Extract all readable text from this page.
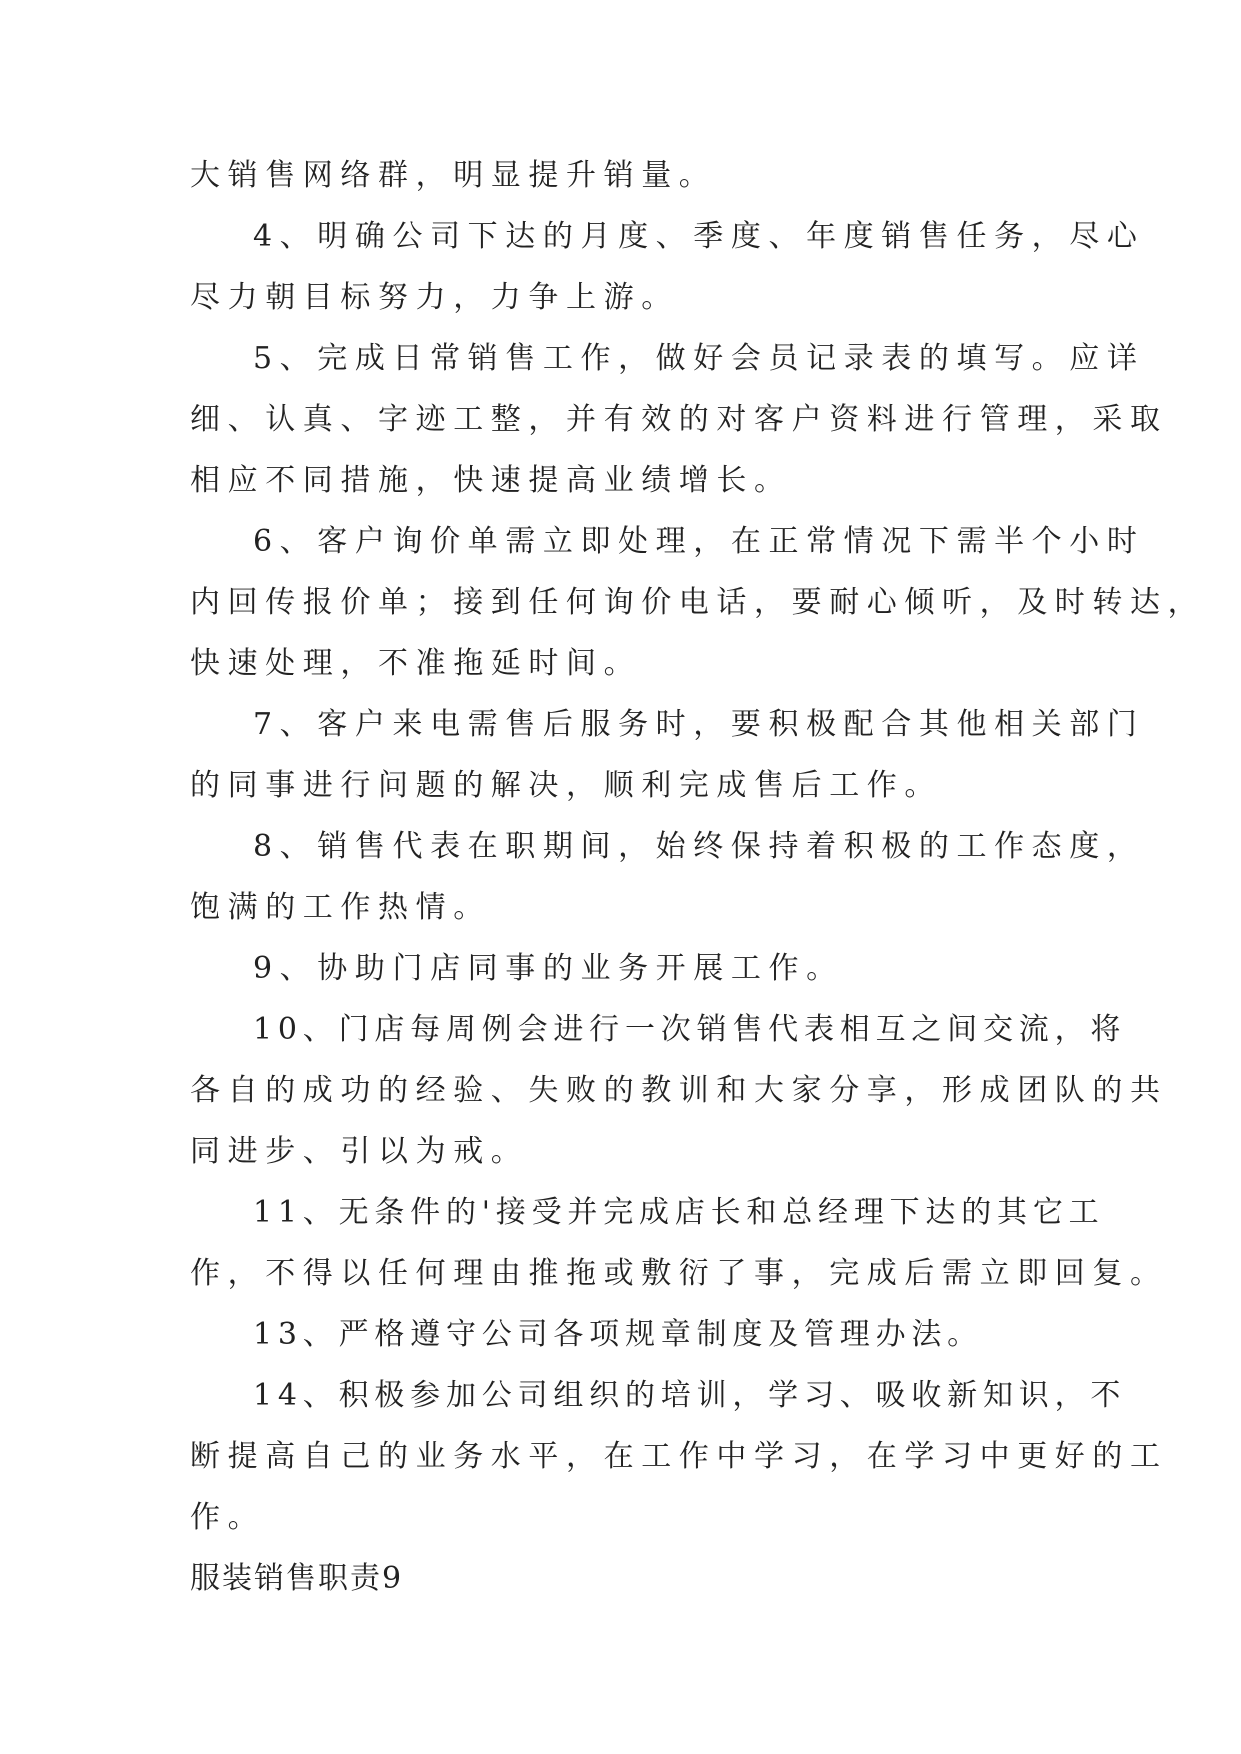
大销售网络群，明显提升销量。
4、明确公司下达的月度、季度、年度销售任务，尽心
尽力朝目标努力，力争上游。
5、完成日常销售工作，做好会员记录表的填写。应详
细、认真、字迹工整，并有效的对客户资料进行管理，采取
相应不同措施，快速提高业绩增长。
6、客户询价单需立即处理，在正常情况下需半个小时
内回传报价单；接到任何询价电话，要耐心倾听，及时转达，
快速处理，不准拖延时间。
7、客户来电需售后服务时，要积极配合其他相关部门
的同事进行问题的解决，顺利完成售后工作。
8、销售代表在职期间，始终保持着积极的工作态度，
饱满的工作热情。
9、协助门店同事的业务开展工作。
10、门店每周例会进行一次销售代表相互之间交流，将
各自的成功的经验、失败的教训和大家分享，形成团队的共
同进步、引以为戒。
11、无条件的'接受并完成店长和总经理下达的其它工
作，不得以任何理由推拖或敷衍了事，完成后需立即回复。
13、严格遵守公司各项规章制度及管理办法。
14、积极参加公司组织的培训，学习、吸收新知识，不
断提高自己的业务水平，在工作中学习，在学习中更好的工
作。
服装销售职责9
